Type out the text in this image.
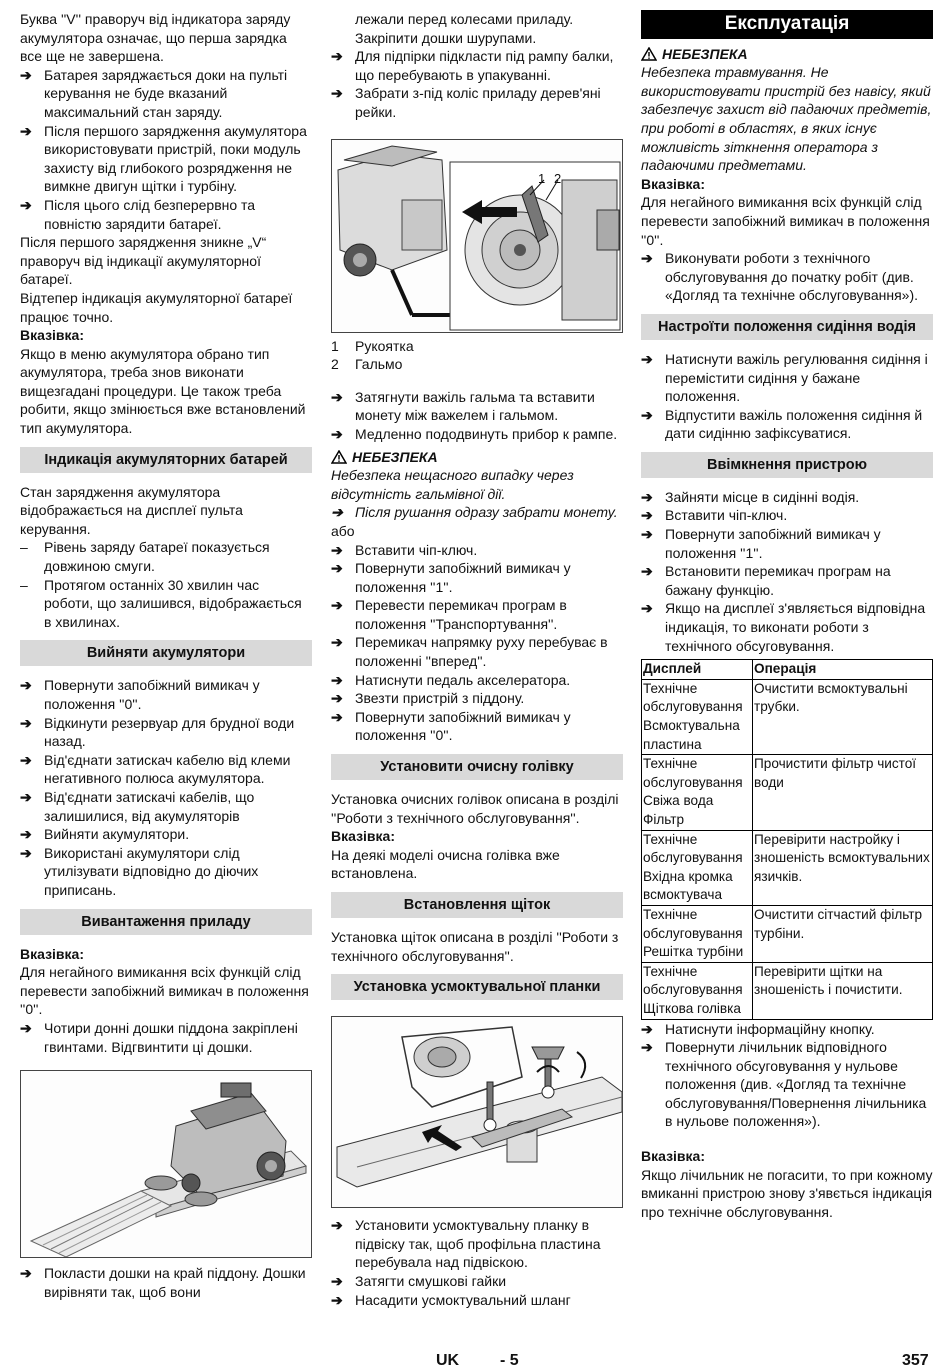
Буква ''V'' праворуч від індикатора заряду акумулятора означає, що перша зарядка все ще не завершена.

➔ Батарея заряджається доки на пульті керування не буде вказаний максимальний стан заряду.
➔ Після першого зарядження акумулятора використовувати пристрій, поки модуль захисту від глибокого розрядження не вимкне двигун щітки і турбіну.
➔ Після цього слід безперервно та повністю зарядити батареї.

Після першого зарядження зникне „V“ праворуч від індикації акумуляторної батареї.

Відтепер індикація акумуляторної батареї працює точно.

Вказівка:

Якщо в меню акумулятора обрано тип акумулятора, треба знов виконати вищезгадані процедури. Це також треба робити, якщо змінюється вже встановлений тип акумулятора.

Індикація акумуляторних батарей

Стан зарядження акумулятора відображається на дисплеї пульта керування.

–	Рівень заряду батареї показується довжиною смуги.
–	Протягом останніх 30 хвилин час роботи, що залишився, відображається в хвилинах.
Вийняти акумулятори
➔ Повернути запобіжний вимикач у положення ''0''.
➔ Відкинути резервуар для брудної води назад.
➔ Від'єднати затискач кабелю від клеми негативного полюса акумулятора.
➔ Від'єднати затискачі кабелів, що залишилися, від акумуляторів
➔ Вийняти акумулятори.
➔ Використані акумулятори слід утилізувати відповідно до діючих приписань.
Вивантаження приладу

Вказівка:

Для негайного вимикання всіх функцій слід перевести запобіжний вимикач в положення ''0''.

➔ Чотири донні дошки піддона закріплені гвинтами. Відгвинтити ці дошки.
➔ Покласти дошки на край піддону. Дошки вирівняти так, щоб вони

лежали перед колесами приладу. Закріпити дошки шурупами.

➔ Для підпірки підкласти під рампу балки, що перебувають в упакуванні.
➔ Забрати з-під коліс приладу дерев'яні рейки.
1 2
1	Рукоятка
2	Гальмо
➔ Затягнути важіль гальма та вставити монету між важелем і гальмом.
➔ Медленно пододвинуть прибор к рампе.
НЕБЕЗПЕКА

Небезпека нещасного випадку через відсутність гальмівної дії.

➔ Після рушання одразу забрати монету.

або

➔ Вставити чіп-ключ.
➔ Повернути запобіжний вимикач у положення ''1''.
➔ Перевести перемикач програм в положення ''Транспортування''.
➔ Перемикач напрямку руху перебуває в положенні ''вперед''.
➔ Натиснути педаль акселератора.
➔ Звезти пристрій з піддону.
➔ Повернути запобіжний вимикач у положення ''0''.
Установити очисну голівку

Установка очисних голівок описана в розділі ''Роботи з технічного обслуговування''.

Вказівка:

На деякі моделі очисна голівка вже встановлена.

Встановлення щіток

Установка щіток описана в розділі ''Роботи з технічного обслуговування''.

Установка усмоктувальної планки
➔ Установити усмоктувальну планку в підвіску так, щоб профільна пластина перебувала над підвіскою.
➔ Затягти смушкові гайки
➔ Насадити усмоктувальний шланг
Експлуатація
НЕБЕЗПЕКА

Небезпека травмування. Не використовувати пристрій без навісу, який забезпечує захист від падаючих предметів, при роботі в областях, в яких існує можливість зіткнення оператора з падаючими предметами.

Вказівка:

Для негайного вимикання всіх функцій слід перевести запобіжний вимикач в положення ''0''.

➔ Виконувати роботи з технічного обслуговування до початку робіт (див. «Догляд та технічне обслуговування»).
Настроїти положення сидіння водія
➔ Натиснути важіль регулювання сидіння і перемістити сидіння у бажане положення.
➔ Відпустити важіль положення сидіння й дати сидінню зафіксуватися.
Ввімкнення пристрою
➔ Зайняти місце в сидінні водія.
➔ Вставити чіп-ключ.
➔ Повернути запобіжний вимикач у положення ''1''.
➔ Встановити перемикач програм на бажану функцію.
➔ Якщо на дисплеї з'являється відповідна індикація, то виконати роботи з технічного обсуговування.
Дисплей	Операція

Технічне
обслуговування
Всмоктувальна
пластина	Очистити всмоктувальні трубки.

Технічне
обслуговування
Свіжа вода
Фільтр	Прочистити фільтр чистої води

Технічне
обслуговування
Вхідна кромка
всмоктувача	Перевірити настройку і зношеність всмоктувальних язичків.

Технічне
обслуговування
Решітка турбіни	Очистити сітчастий фільтр турбіни.

Технічне
обслуговування
Щіткова голівка	Перевірити щітки на зношеність і почистити.
➔ Натиснути інформаційну кнопку.
➔ Повернути лічильник відповідного технічного обсуговування у нульове положення (див. «Догляд та технічне обслуговування/Повернення лічильника в нульове положення»).

Вказівка:

Якщо лічильник не погасити, то при кожному вмиканні пристрою знову з'явється індикація про технічне обслуговування.

UK	- 5	357
